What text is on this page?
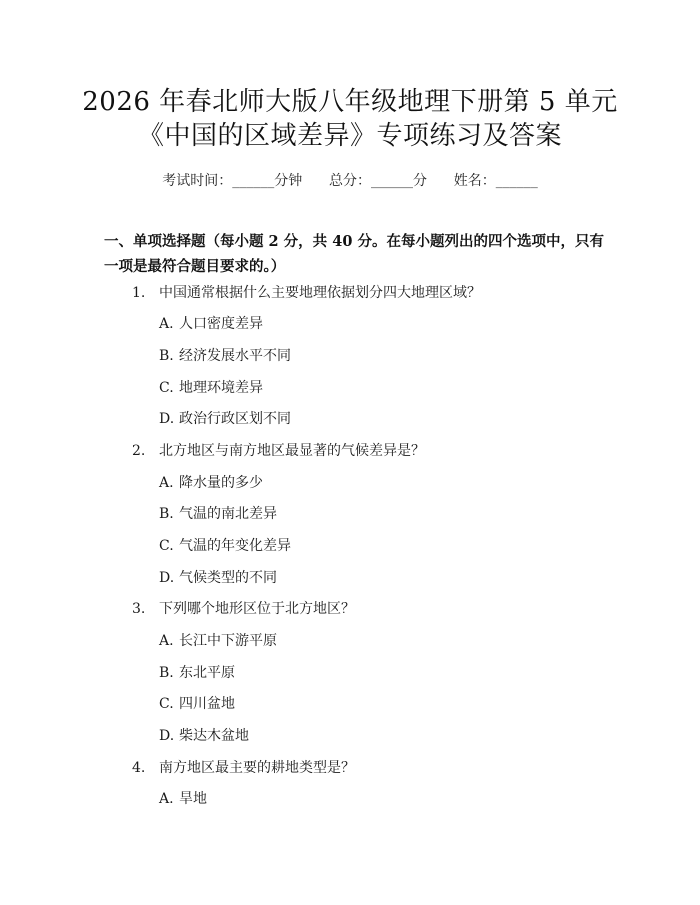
2026 年春北师大版八年级地理下册第 5 单元
《中国的区域差异》专项练习及答案
考试时间：______分钟      总分：______分      姓名：______
一、单项选择题（每小题 2 分，共 40 分。在每小题列出的四个选项中，只有一项是最符合题目要求的。）
1. 中国通常根据什么主要地理依据划分四大地理区域？
A. 人口密度差异
B. 经济发展水平不同
C. 地理环境差异
D. 政治行政区划不同
2. 北方地区与南方地区最显著的气候差异是？
A. 降水量的多少
B. 气温的南北差异
C. 气温的年变化差异
D. 气候类型的不同
3. 下列哪个地形区位于北方地区？
A. 长江中下游平原
B. 东北平原
C. 四川盆地
D. 柴达木盆地
4. 南方地区最主要的耕地类型是？
A. 旱地
